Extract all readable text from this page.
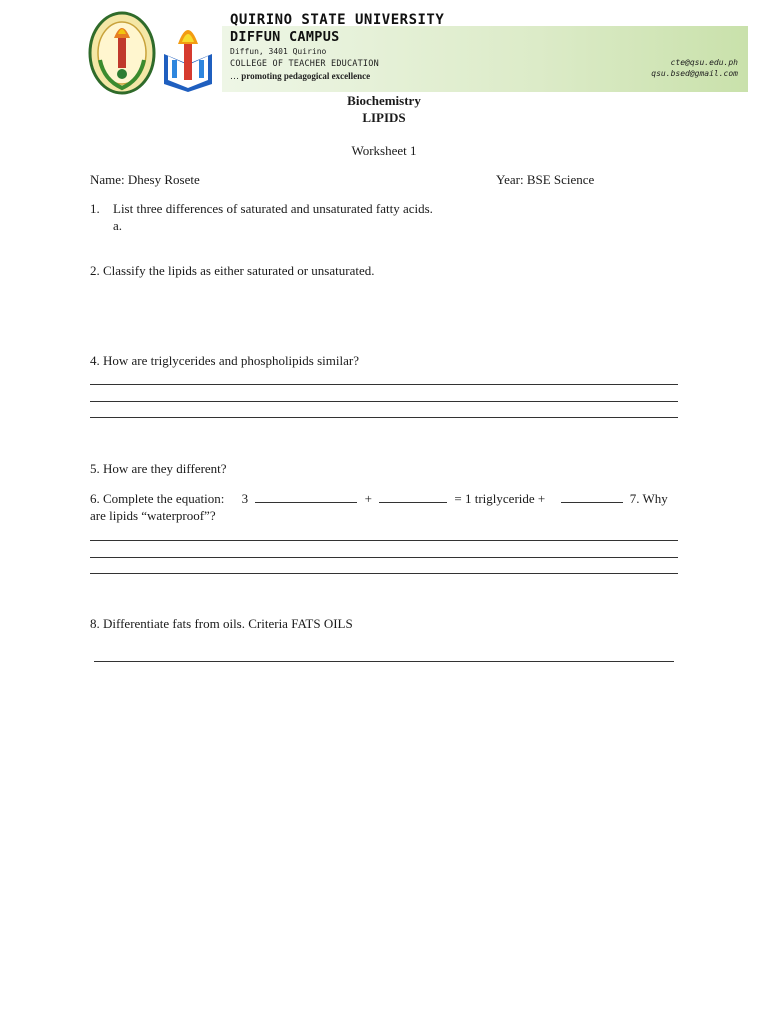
QUIRINO STATE UNIVERSITY
DIFFUN CAMPUS
Diffun, 3401 Quirino
COLLEGE OF TEACHER EDUCATION
… promoting pedagogical excellence
cte@qsu.edu.ph
qsu.bsed@gmail.com
Biochemistry
LIPIDS
Worksheet 1
Name: Dhesy Rosete	Year: BSE Science
1. List three differences of saturated and unsaturated fatty acids.
a.
2. Classify the lipids as either saturated or unsaturated.
4. How are triglycerides and phospholipids similar?
5. How are they different?
6. Complete the equation: 3	+	= 1 triglyceride +	7. Why
are lipids “waterproof”?
8. Differentiate fats from oils. Criteria FATS OILS
